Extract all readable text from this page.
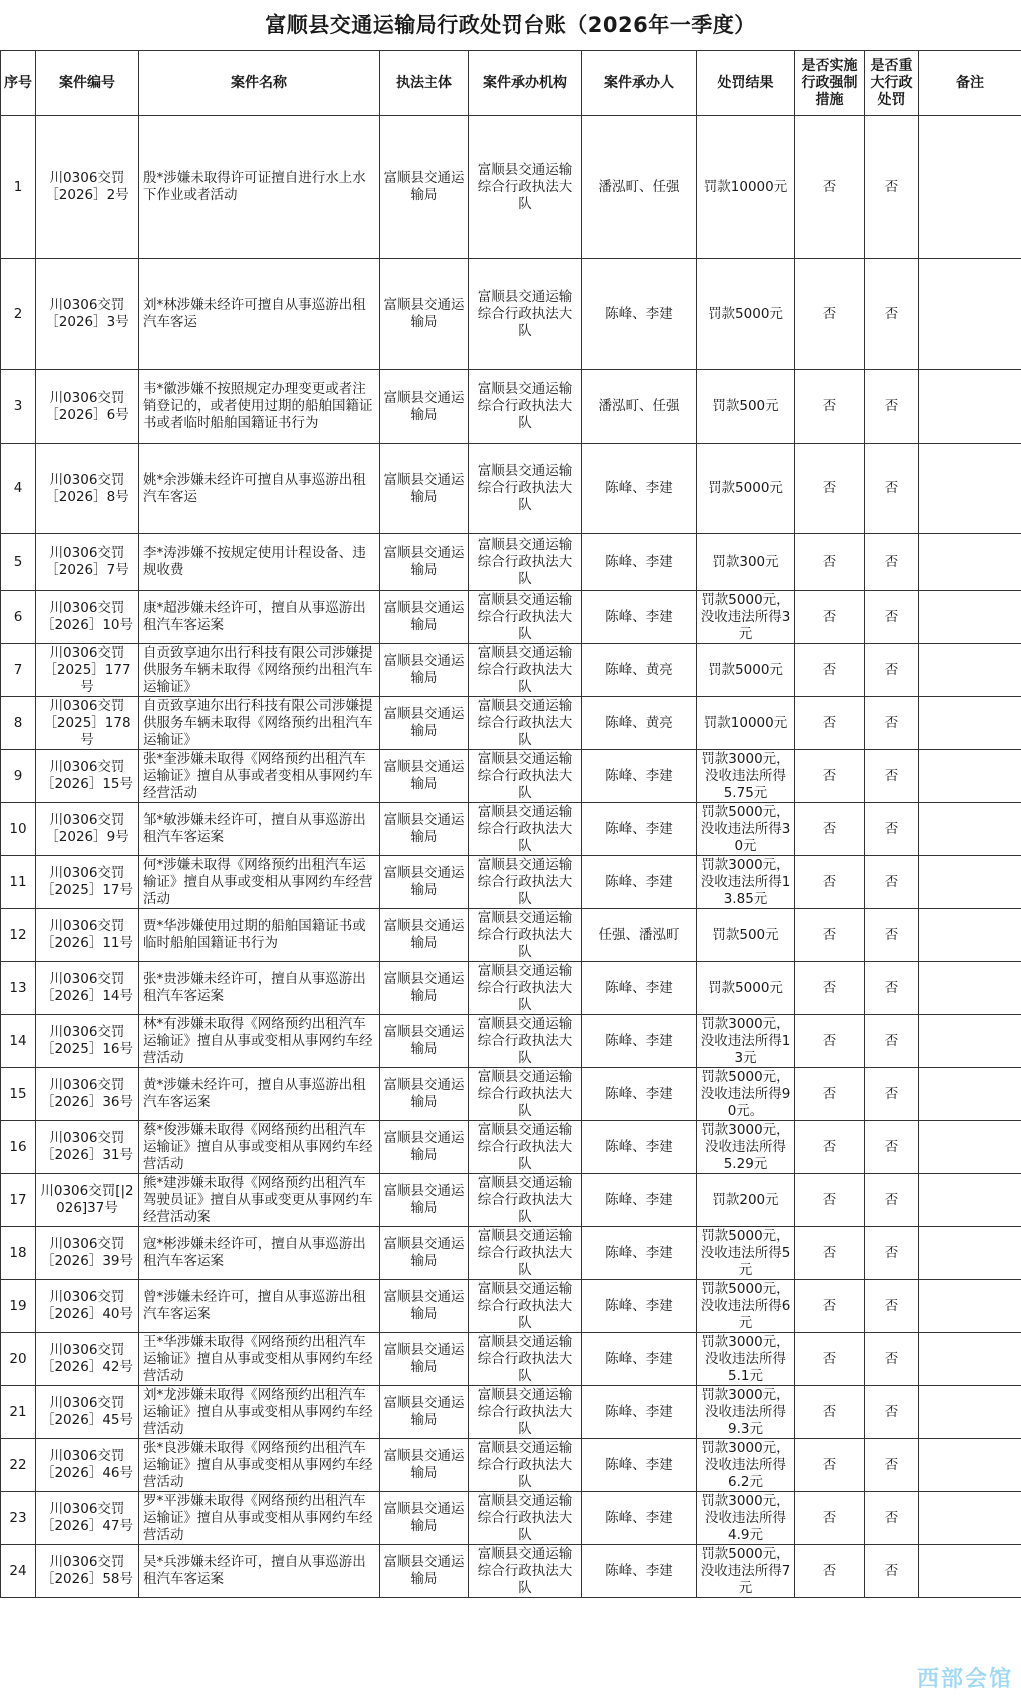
富顺县交通运输局行政处罚台账（2026年一季度）
序号	案件编号	案件名称	执法主体	案件承办机构	案件承办人	处罚结果	是否实施行政强制措施	是否重大行政处罚	备注
1	川0306交罚［2026］2号	殷*涉嫌未取得许可证擅自进行水上水下作业或者活动	富顺县交通运输局	富顺县交通运输综合行政执法大队	潘泓町、任强	罚款10000元	否	否	
2	川0306交罚［2026］3号	刘*林涉嫌未经许可擅自从事巡游出租汽车客运	富顺县交通运输局	富顺县交通运输综合行政执法大队	陈峰、李建	罚款5000元	否	否	
3	川0306交罚［2026］6号	韦*徽涉嫌不按照规定办理变更或者注销登记的，或者使用过期的船舶国籍证书或者临时船舶国籍证书行为	富顺县交通运输局	富顺县交通运输综合行政执法大队	潘泓町、任强	罚款500元	否	否	
4	川0306交罚［2026］8号	姚*余涉嫌未经许可擅自从事巡游出租汽车客运	富顺县交通运输局	富顺县交通运输综合行政执法大队	陈峰、李建	罚款5000元	否	否	
5	川0306交罚［2026］7号	李*涛涉嫌不按规定使用计程设备、违规收费	富顺县交通运输局	富顺县交通运输综合行政执法大队	陈峰、李建	罚款300元	否	否	
6	川0306交罚［2026］10号	康*超涉嫌未经许可，擅自从事巡游出租汽车客运案	富顺县交通运输局	富顺县交通运输综合行政执法大队	陈峰、李建	罚款5000元，没收违法所得3元	否	否	
7	川0306交罚［2025］177号	自贡致享迪尔出行科技有限公司涉嫌提供服务车辆未取得《网络预约出租汽车运输证》	富顺县交通运输局	富顺县交通运输综合行政执法大队	陈峰、黄亮	罚款5000元	否	否	
8	川0306交罚［2025］178号	自贡致享迪尔出行科技有限公司涉嫌提供服务车辆未取得《网络预约出租汽车运输证》	富顺县交通运输局	富顺县交通运输综合行政执法大队	陈峰、黄亮	罚款10000元	否	否	
9	川0306交罚［2026］15号	张*奎涉嫌未取得《网络预约出租汽车运输证》擅自从事或者变相从事网约车经营活动	富顺县交通运输局	富顺县交通运输综合行政执法大队	陈峰、李建	罚款3000元，没收违法所得5.75元	否	否	
10	川0306交罚［2026］9号	邹*敏涉嫌未经许可，擅自从事巡游出租汽车客运案	富顺县交通运输局	富顺县交通运输综合行政执法大队	陈峰、李建	罚款5000元，没收违法所得30元	否	否	
11	川0306交罚［2025］17号	何*涉嫌未取得《网络预约出租汽车运输证》擅自从事或变相从事网约车经营活动	富顺县交通运输局	富顺县交通运输综合行政执法大队	陈峰、李建	罚款3000元，没收违法所得13.85元	否	否	
12	川0306交罚［2026］11号	贾*华涉嫌使用过期的船舶国籍证书或临时船舶国籍证书行为	富顺县交通运输局	富顺县交通运输综合行政执法大队	任强、潘泓町	罚款500元	否	否	
13	川0306交罚［2026］14号	张*贵涉嫌未经许可，擅自从事巡游出租汽车客运案	富顺县交通运输局	富顺县交通运输综合行政执法大队	陈峰、李建	罚款5000元	否	否	
14	川0306交罚［2025］16号	林*有涉嫌未取得《网络预约出租汽车运输证》擅自从事或变相从事网约车经营活动	富顺县交通运输局	富顺县交通运输综合行政执法大队	陈峰、李建	罚款3000元，没收违法所得13元	否	否	
15	川0306交罚［2026］36号	黄*涉嫌未经许可，擅自从事巡游出租汽车客运案	富顺县交通运输局	富顺县交通运输综合行政执法大队	陈峰、李建	罚款5000元，没收违法所得90元。	否	否	
16	川0306交罚［2026］31号	蔡*俊涉嫌未取得《网络预约出租汽车运输证》擅自从事或变相从事网约车经营活动	富顺县交通运输局	富顺县交通运输综合行政执法大队	陈峰、李建	罚款3000元，没收违法所得5.29元	否	否	
17	川0306交罚[|2026]37号	熊*建涉嫌未取得《网络预约出租汽车驾驶员证》擅自从事或变更从事网约车经营活动案	富顺县交通运输局	富顺县交通运输综合行政执法大队	陈峰、李建	罚款200元	否	否	
18	川0306交罚［2026］39号	寇*彬涉嫌未经许可，擅自从事巡游出租汽车客运案	富顺县交通运输局	富顺县交通运输综合行政执法大队	陈峰、李建	罚款5000元，没收违法所得5元	否	否	
19	川0306交罚［2026］40号	曾*涉嫌未经许可，擅自从事巡游出租汽车客运案	富顺县交通运输局	富顺县交通运输综合行政执法大队	陈峰、李建	罚款5000元，没收违法所得6元	否	否	
20	川0306交罚［2026］42号	王*华涉嫌未取得《网络预约出租汽车运输证》擅自从事或变相从事网约车经营活动	富顺县交通运输局	富顺县交通运输综合行政执法大队	陈峰、李建	罚款3000元，没收违法所得5.1元	否	否	
21	川0306交罚［2026］45号	刘*龙涉嫌未取得《网络预约出租汽车运输证》擅自从事或变相从事网约车经营活动	富顺县交通运输局	富顺县交通运输综合行政执法大队	陈峰、李建	罚款3000元，没收违法所得9.3元	否	否	
22	川0306交罚［2026］46号	张*良涉嫌未取得《网络预约出租汽车运输证》擅自从事或变相从事网约车经营活动	富顺县交通运输局	富顺县交通运输综合行政执法大队	陈峰、李建	罚款3000元，没收违法所得6.2元	否	否	
23	川0306交罚［2026］47号	罗*平涉嫌未取得《网络预约出租汽车运输证》擅自从事或变相从事网约车经营活动	富顺县交通运输局	富顺县交通运输综合行政执法大队	陈峰、李建	罚款3000元，没收违法所得4.9元	否	否	
24	川0306交罚［2026］58号	吴*兵涉嫌未经许可，擅自从事巡游出租汽车客运案	富顺县交通运输局	富顺县交通运输综合行政执法大队	陈峰、李建	罚款5000元，没收违法所得7元	否	否	
西部会馆
